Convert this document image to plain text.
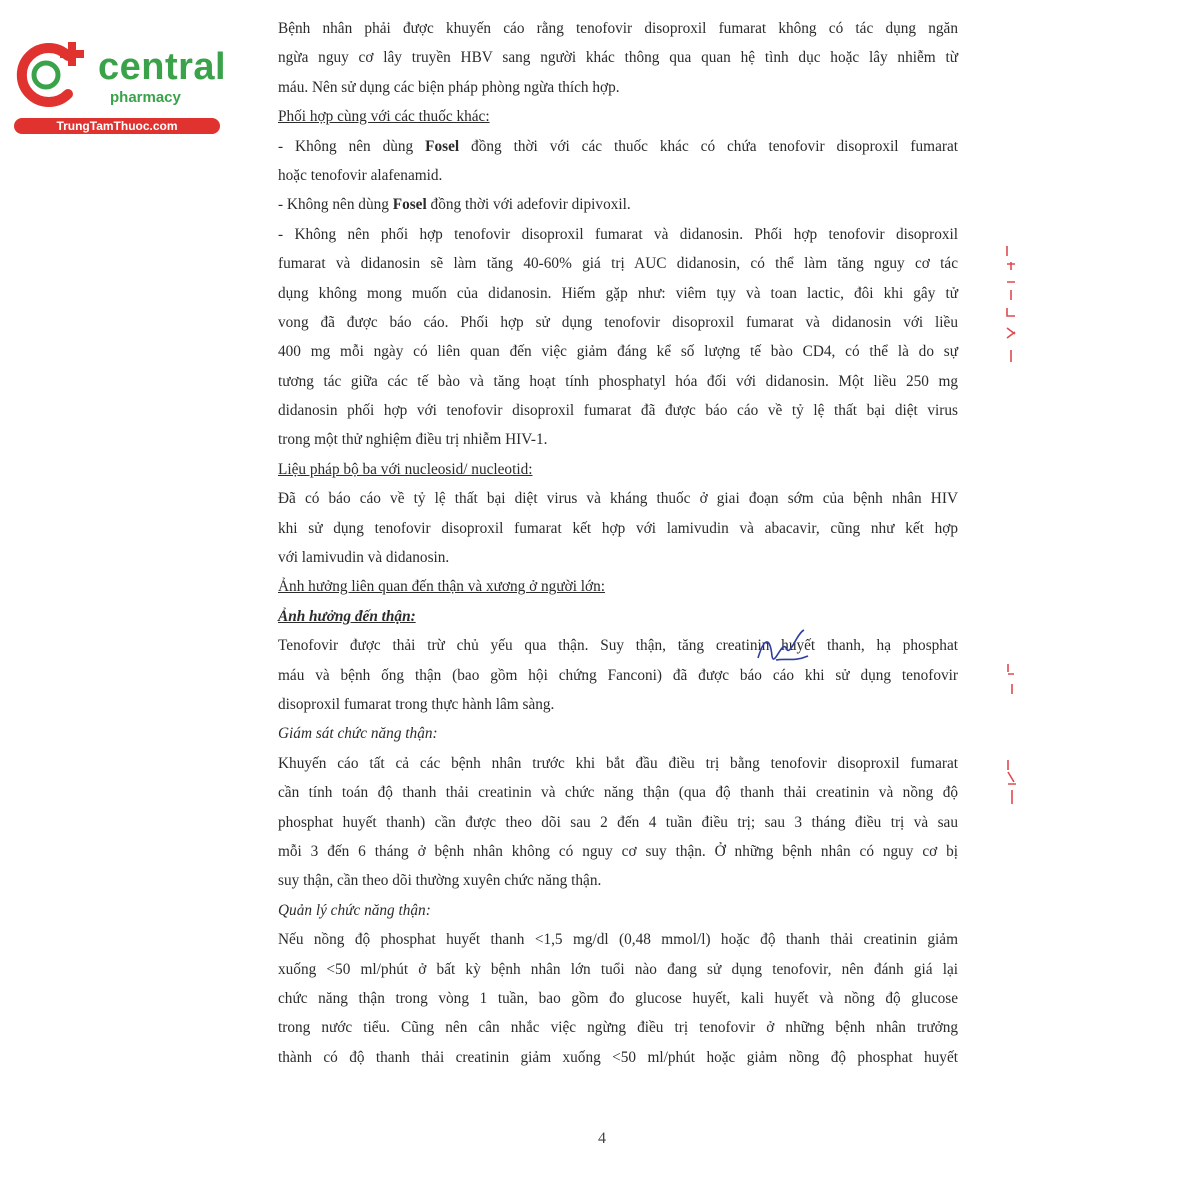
central
pharmacy
TrungTamThuoc.com
Bệnh nhân phải được khuyến cáo rằng tenofovir disoproxil fumarat không có tác dụng ngăn
ngừa nguy cơ lây truyền HBV sang người khác thông qua quan hệ tình dục hoặc lây nhiễm từ
máu. Nên sử dụng các biện pháp phòng ngừa thích hợp.
Phối hợp cùng với các thuốc khác:
- Không nên dùng Fosel đồng thời với các thuốc khác có chứa tenofovir disoproxil fumarat
hoặc tenofovir alafenamid.
- Không nên dùng Fosel đồng thời với adefovir dipivoxil.
- Không nên phối hợp tenofovir disoproxil fumarat và didanosin. Phối hợp tenofovir disoproxil
fumarat và didanosin sẽ làm tăng 40-60% giá trị AUC didanosin, có thể làm tăng nguy cơ tác
dụng không mong muốn của didanosin. Hiếm gặp như: viêm tụy và toan lactic, đôi khi gây tử
vong đã được báo cáo. Phối hợp sử dụng tenofovir disoproxil fumarat và didanosin với liều
400 mg mỗi ngày có liên quan đến việc giảm đáng kể số lượng tế bào CD4, có thể là do sự
tương tác giữa các tế bào và tăng hoạt tính phosphatyl hóa đối với didanosin. Một liều 250 mg
didanosin phối hợp với tenofovir disoproxil fumarat đã được báo cáo về tỷ lệ thất bại diệt virus
trong một thử nghiệm điều trị nhiễm HIV-1.
Liệu pháp bộ ba với nucleosid/ nucleotid:
Đã có báo cáo về tỷ lệ thất bại diệt virus và kháng thuốc ở giai đoạn sớm của bệnh nhân HIV
khi sử dụng tenofovir disoproxil fumarat kết hợp với lamivudin và abacavir, cũng như kết hợp
với lamivudin và didanosin.
Ảnh hưởng liên quan đến thận và xương ở người lớn:
Ảnh hưởng đến thận:
Tenofovir được thải trừ chủ yếu qua thận. Suy thận, tăng creatinin huyết thanh, hạ phosphat
máu và bệnh ống thận (bao gồm hội chứng Fanconi) đã được báo cáo khi sử dụng tenofovir
disoproxil fumarat trong thực hành lâm sàng.
Giám sát chức năng thận:
Khuyến cáo tất cả các bệnh nhân trước khi bắt đầu điều trị bằng tenofovir disoproxil fumarat
cần tính toán độ thanh thải creatinin và chức năng thận (qua độ thanh thải creatinin và nồng độ
phosphat huyết thanh) cần được theo dõi sau 2 đến 4 tuần điều trị; sau 3 tháng điều trị và sau
mỗi 3 đến 6 tháng ở bệnh nhân không có nguy cơ suy thận. Ở những bệnh nhân có nguy cơ bị
suy thận, cần theo dõi thường xuyên chức năng thận.
Quản lý chức năng thận:
Nếu nồng độ phosphat huyết thanh <1,5 mg/dl (0,48 mmol/l) hoặc độ thanh thải creatinin giảm
xuống <50 ml/phút ở bất kỳ bệnh nhân lớn tuổi nào đang sử dụng tenofovir, nên đánh giá lại
chức năng thận trong vòng 1 tuần, bao gồm đo glucose huyết, kali huyết và nồng độ glucose
trong nước tiểu. Cũng nên cân nhắc việc ngừng điều trị tenofovir ở những bệnh nhân trưởng
thành có độ thanh thải creatinin giảm xuống <50 ml/phút hoặc giảm nồng độ phosphat huyết
4
